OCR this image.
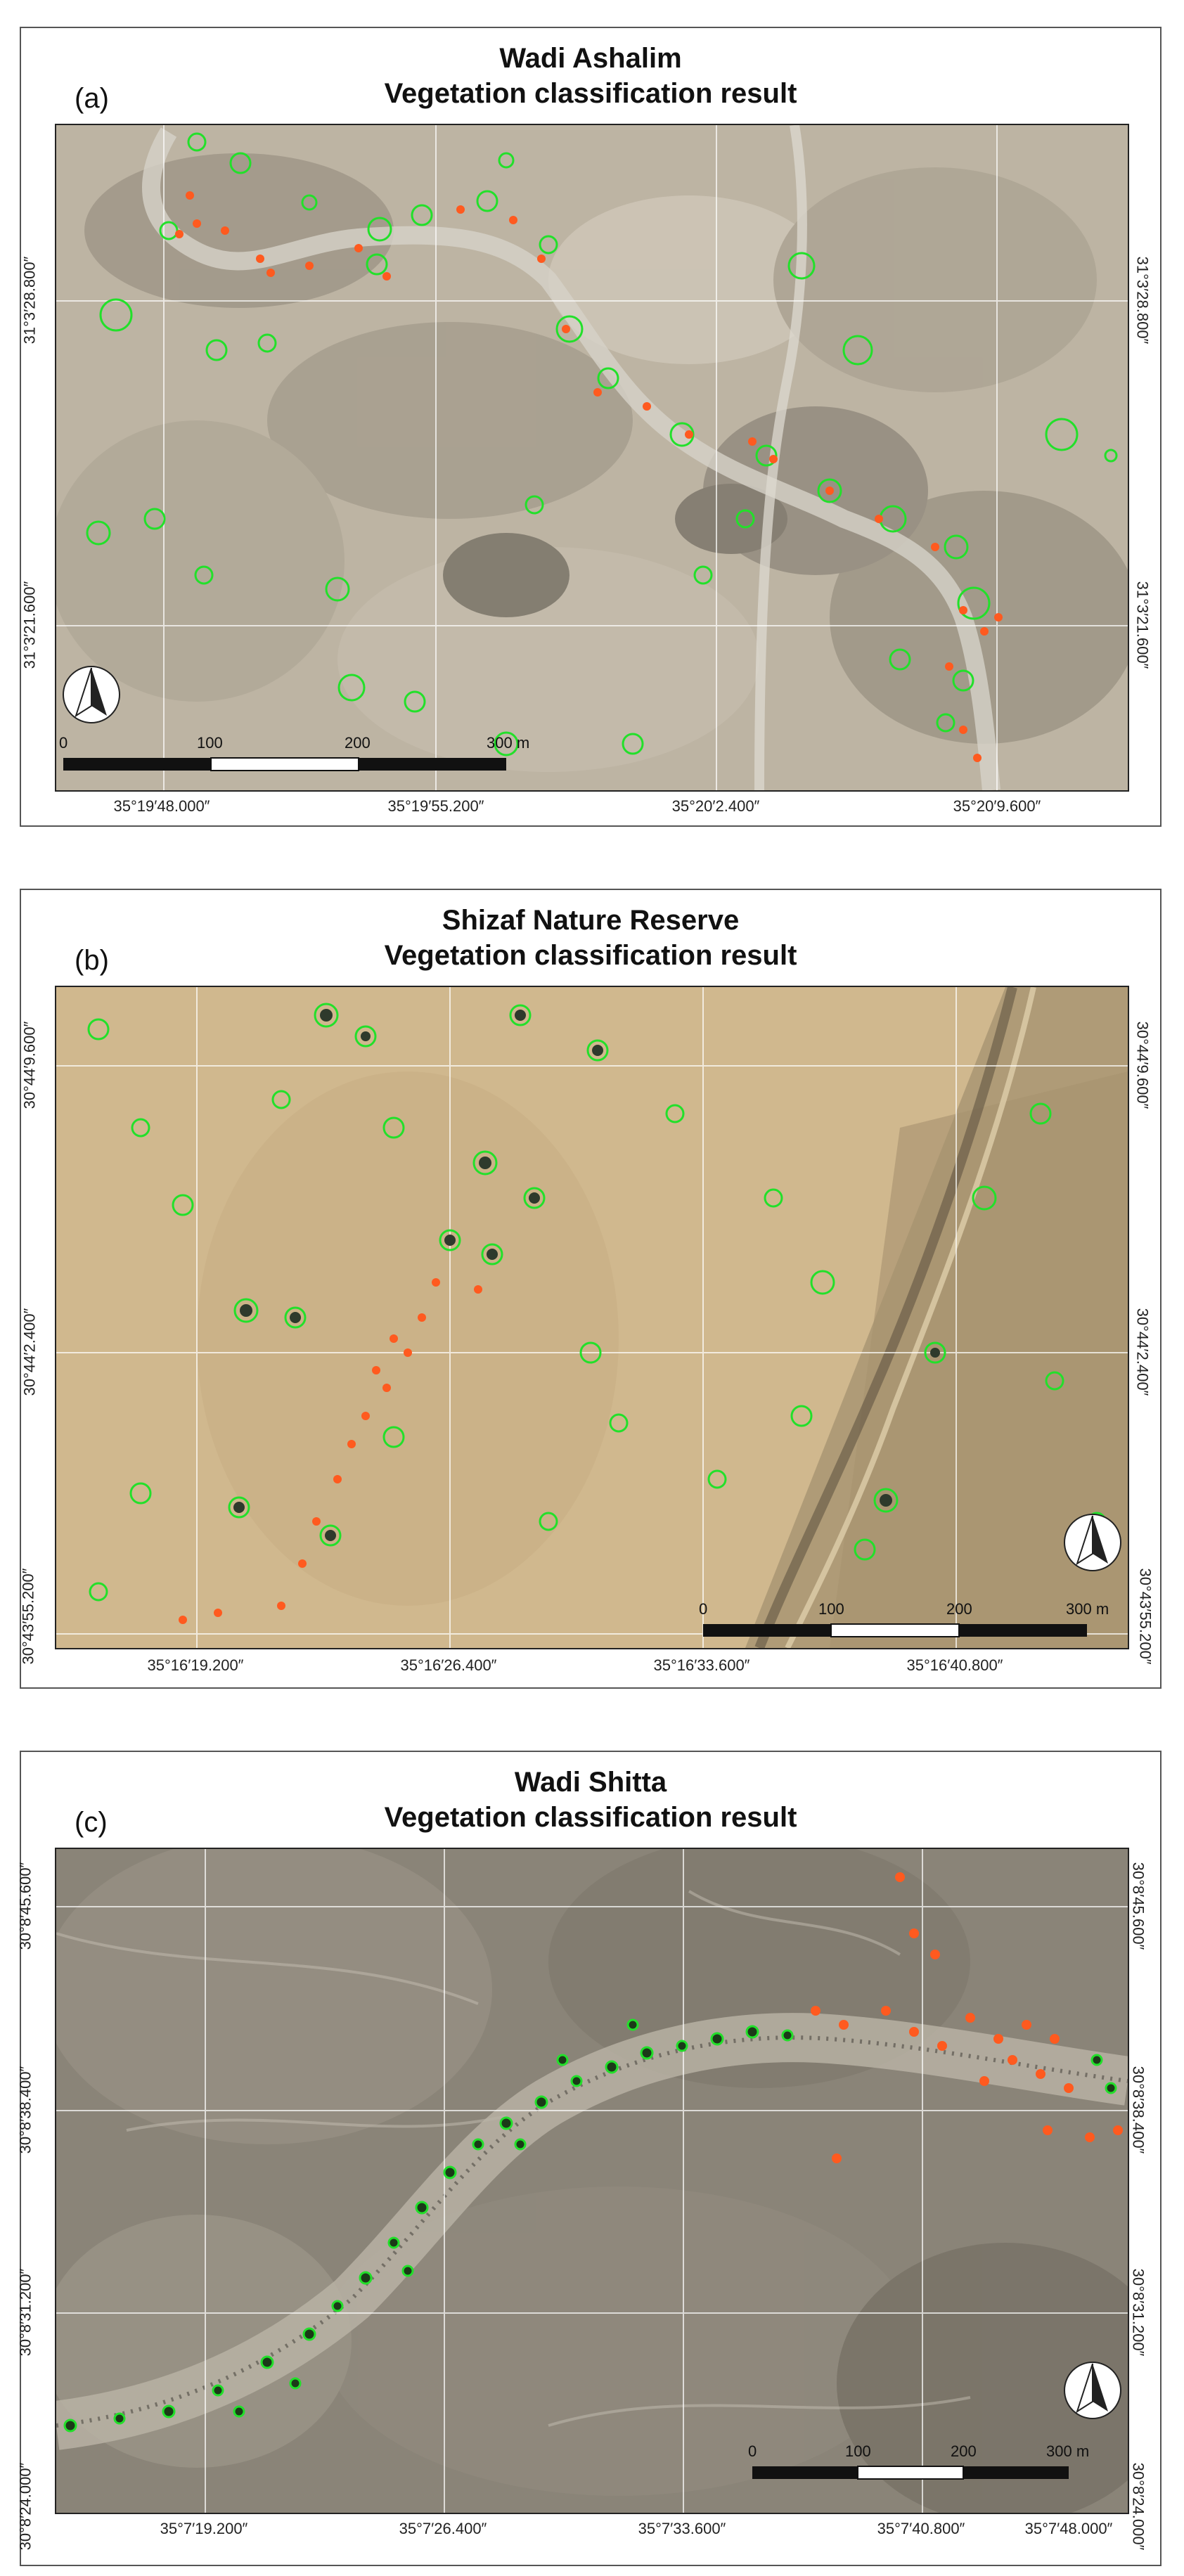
Wadi Ashalim
Vegetation classification result
(a)
0	100	200	300 m
35°19′48.000″	35°19′55.200″	35°20′2.400″	35°20′9.600″
31°3′28.800″
31°3′21.600″
31°3′28.800″
31°3′21.600″
Shizaf Nature Reserve
Vegetation classification result
(b)
0	100	200	300 m
35°16′19.200″	35°16′26.400″	35°16′33.600″	35°16′40.800″
30°44′9.600″
30°44′2.400″
30°43′55.200″
30°44′9.600″
30°44′2.400″
30°43′55.200″
Wadi Shitta
Vegetation classification result
(c)
0	100	200	300 m
35°7′19.200″	35°7′26.400″	35°7′33.600″	35°7′40.800″	35°7′48.000″
30°8′45.600″
30°8′38.400″
30°8′31.200″
30°8′24.000″
30°8′45.600″
30°8′38.400″
30°8′31.200″
30°8′24.000″
